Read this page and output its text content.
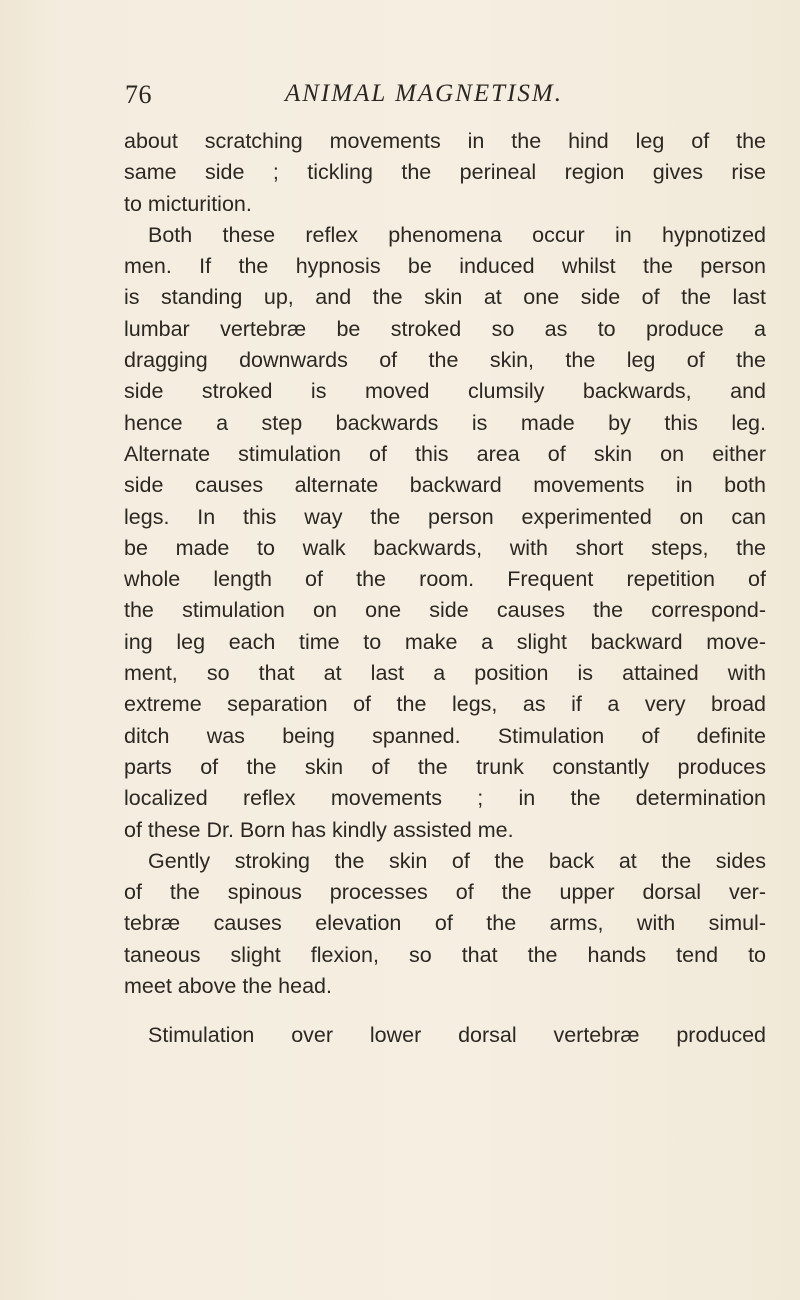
76	ANIMAL MAGNETISM.
about scratching movements in the hind leg of the
same side ; tickling the perineal region gives rise
to micturition.
Both these reflex phenomena occur in hypnotized
men. If the hypnosis be induced whilst the person
is standing up, and the skin at one side of the last
lumbar vertebræ be stroked so as to produce a
dragging downwards of the skin, the leg of the
side stroked is moved clumsily backwards, and
hence a step backwards is made by this leg.
Alternate stimulation of this area of skin on either
side causes alternate backward movements in both
legs. In this way the person experimented on can
be made to walk backwards, with short steps, the
whole length of the room. Frequent repetition of
the stimulation on one side causes the correspond-
ing leg each time to make a slight backward move-
ment, so that at last a position is attained with
extreme separation of the legs, as if a very broad
ditch was being spanned. Stimulation of definite
parts of the skin of the trunk constantly produces
localized reflex movements ; in the determination
of these Dr. Born has kindly assisted me.
Gently stroking the skin of the back at the sides
of the spinous processes of the upper dorsal ver-
tebræ causes elevation of the arms, with simul-
taneous slight flexion, so that the hands tend to
meet above the head.
Stimulation over lower dorsal vertebræ produced
